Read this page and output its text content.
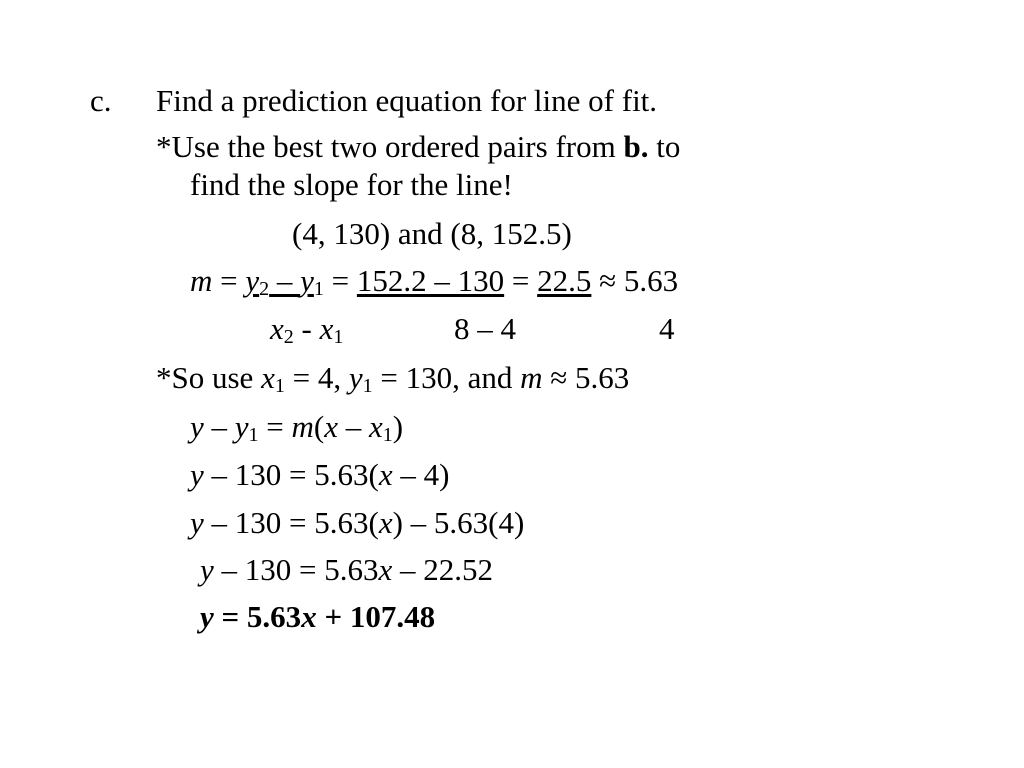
c. Find a prediction equation for line of fit.
*Use the best two ordered pairs from b. to
find the slope for the line!
(4, 130) and (8, 152.5)
$m = y_2 - y_1 = 152.2 - 130 = 22.5 \approx 5.63$
$x_2 - x_1$	8 – 4	4
*So use $x_1 = 4$, $y_1 = 130$, and m ≈ 5.63
$y - y_1 = m(x - x_1)$
y – 130 = 5.63(x – 4)
y – 130 = 5.63(x) – 5.63(4)
y – 130 = 5.63x – 22.52
y = 5.63x + 107.48
